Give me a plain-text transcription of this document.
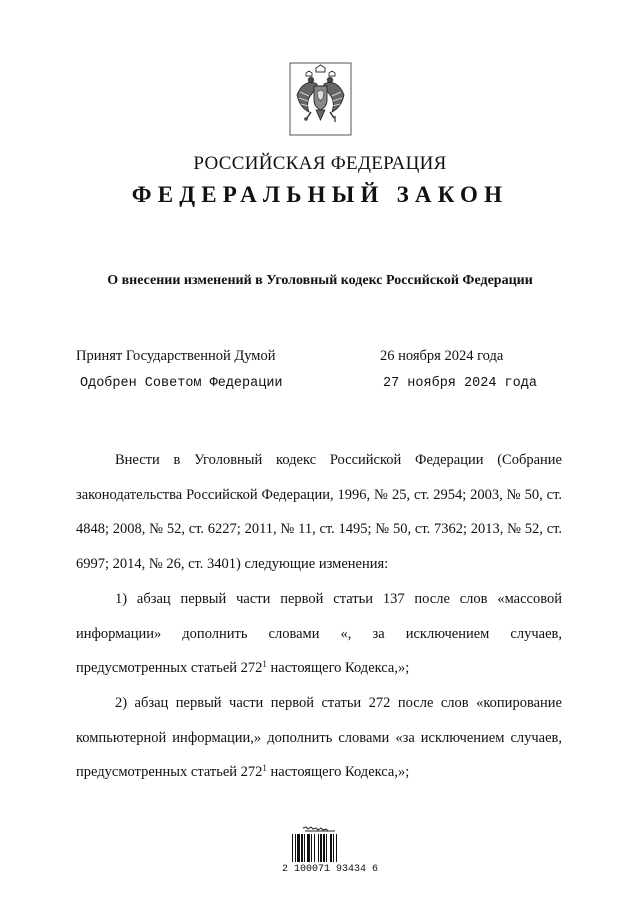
РОССИЙСКАЯ ФЕДЕРАЦИЯ
ФЕДЕРАЛЬНЫЙ ЗАКОН
О внесении изменений в Уголовный кодекс Российской Федерации
Принят Государственной Думой	26 ноября 2024 года
Одобрен Советом Федерации	27 ноября 2024 года
Внести в Уголовный кодекс Российской Федерации (Собрание законодательства Российской Федерации, 1996, № 25, ст. 2954; 2003, № 50, ст. 4848; 2008, № 52, ст. 6227; 2011, № 11, ст. 1495; № 50, ст. 7362; 2013, № 52, ст. 6997; 2014, № 26, ст. 3401) следующие изменения:
1) абзац первый части первой статьи 137 после слов «массовой информации» дополнить словами «, за исключением случаев, предусмотренных статьей $272^1$ настоящего Кодекса,»;
2) абзац первый части первой статьи 272 после слов «копирование компьютерной информации,» дополнить словами «за исключением случаев, предусмотренных статьей $272^1$ настоящего Кодекса,»;
2 100071 93434 6
